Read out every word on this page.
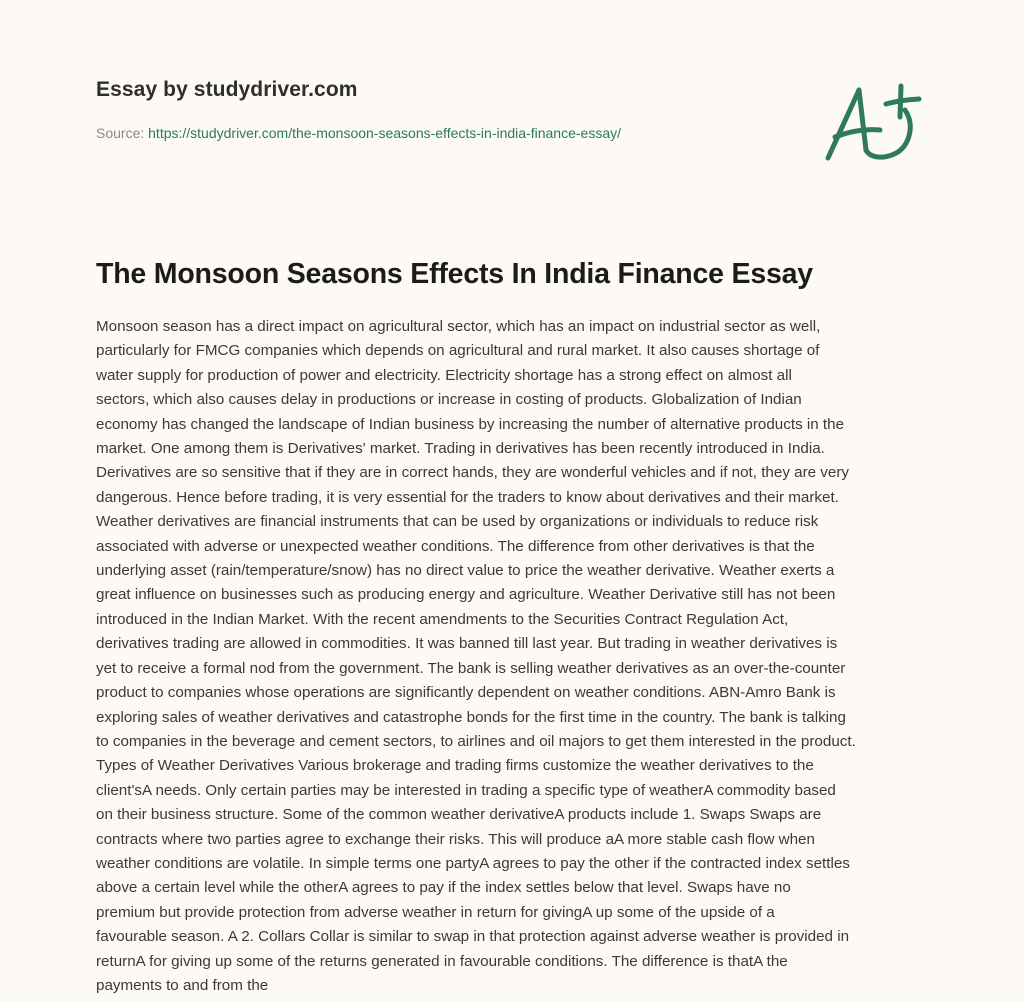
Essay by studydriver.com
Source: https://studydriver.com/the-monsoon-seasons-effects-in-india-finance-essay/
The Monsoon Seasons Effects In India Finance Essay
Monsoon season has a direct impact on agricultural sector, which has an impact on industrial sector as well,
particularly for FMCG companies which depends on agricultural and rural market. It also causes shortage of
water supply for production of power and electricity. Electricity shortage has a strong effect on almost all
sectors, which also causes delay in productions or increase in costing of products. Globalization of Indian
economy has changed the landscape of Indian business by increasing the number of alternative products in the
market. One among them is Derivatives' market. Trading in derivatives has been recently introduced in India.
Derivatives are so sensitive that if they are in correct hands, they are wonderful vehicles and if not, they are very
dangerous. Hence before trading, it is very essential for the traders to know about derivatives and their market.
Weather derivatives are financial instruments that can be used by organizations or individuals to reduce risk
associated with adverse or unexpected weather conditions. The difference from other derivatives is that the
underlying asset (rain/temperature/snow) has no direct value to price the weather derivative. Weather exerts a
great influence on businesses such as producing energy and agriculture. Weather Derivative still has not been
introduced in the Indian Market. With the recent amendments to the Securities Contract Regulation Act,
derivatives trading are allowed in commodities. It was banned till last year. But trading in weather derivatives is
yet to receive a formal nod from the government. The bank is selling weather derivatives as an over-the-counter
product to companies whose operations are significantly dependent on weather conditions. ABN-Amro Bank is
exploring sales of weather derivatives and catastrophe bonds for the first time in the country. The bank is talking
to companies in the beverage and cement sectors, to airlines and oil majors to get them interested in the product.
Types of Weather Derivatives Various brokerage and trading firms customize the weather derivatives to the
client'sA needs. Only certain parties may be interested in trading a specific type of weatherA commodity based
on their business structure. Some of the common weather derivativeA products include 1. Swaps Swaps are
contracts where two parties agree to exchange their risks. This will produce aA more stable cash flow when
weather conditions are volatile. In simple terms one partyA agrees to pay the other if the contracted index settles
above a certain level while the otherA agrees to pay if the index settles below that level. Swaps have no
premium but provide protection from adverse weather in return for givingA up some of the upside of a
favourable season. A 2. Collars Collar is similar to swap in that protection against adverse weather is provided in
returnA for giving up some of the returns generated in favourable conditions. The difference is thatA the
payments to and from the
